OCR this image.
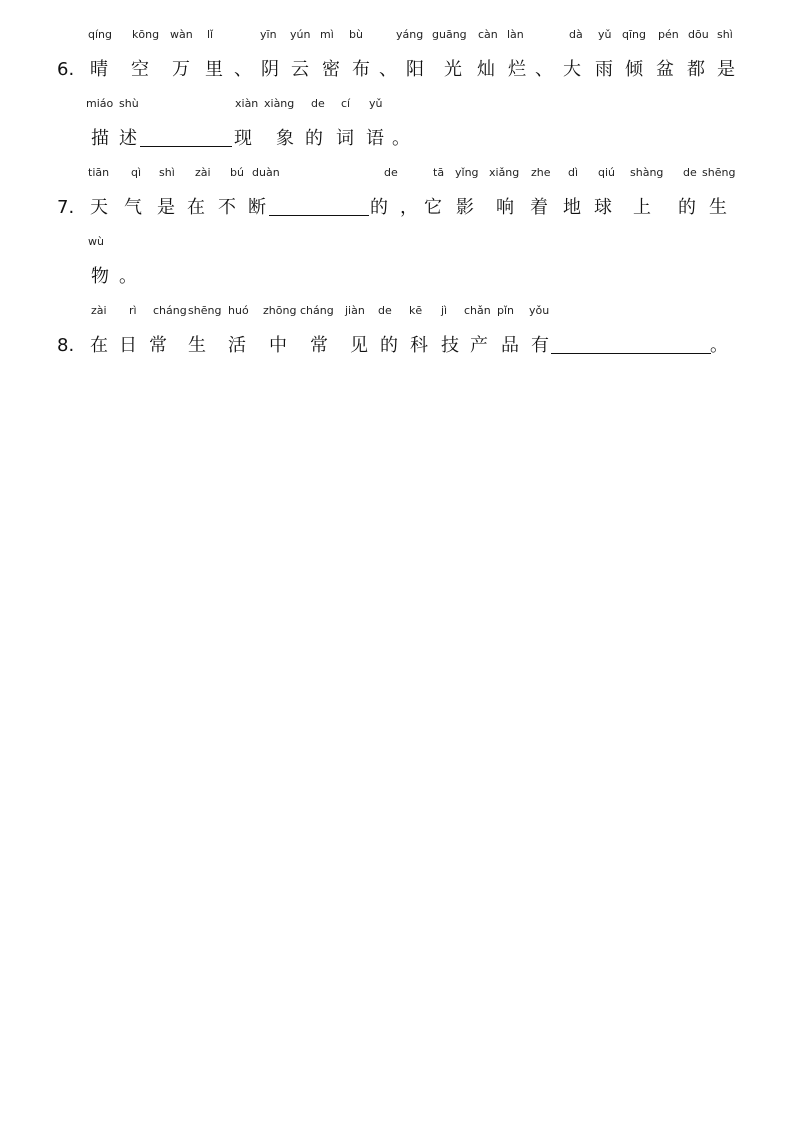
qíng kōng wàn lǐ	yīn yún mì bù	yáng guāng càn làn	dà yǔ qīng pén dōu shì
6. 晴 空 万 里 、 阴 云 密 布 、 阳 光 灿 烂 、 大 雨 倾 盆 都 是
miáo shù	xiàn xiàng de cí yǔ
描 述	现 象 的 词 语 。
tiān qì shì zài bú duàn	de	tā yǐng xiǎng zhe dì qiú shàng de shēng
7. 天 气 是 在 不 断	的 ， 它 影 响 着 地 球 上 的 生
wù
物 。
zài rì cháng shēng huó zhōng cháng jiàn de kē jì chǎn pǐn yǒu
8. 在 日 常 生 活 中 常 见 的 科 技 产 品 有	。
